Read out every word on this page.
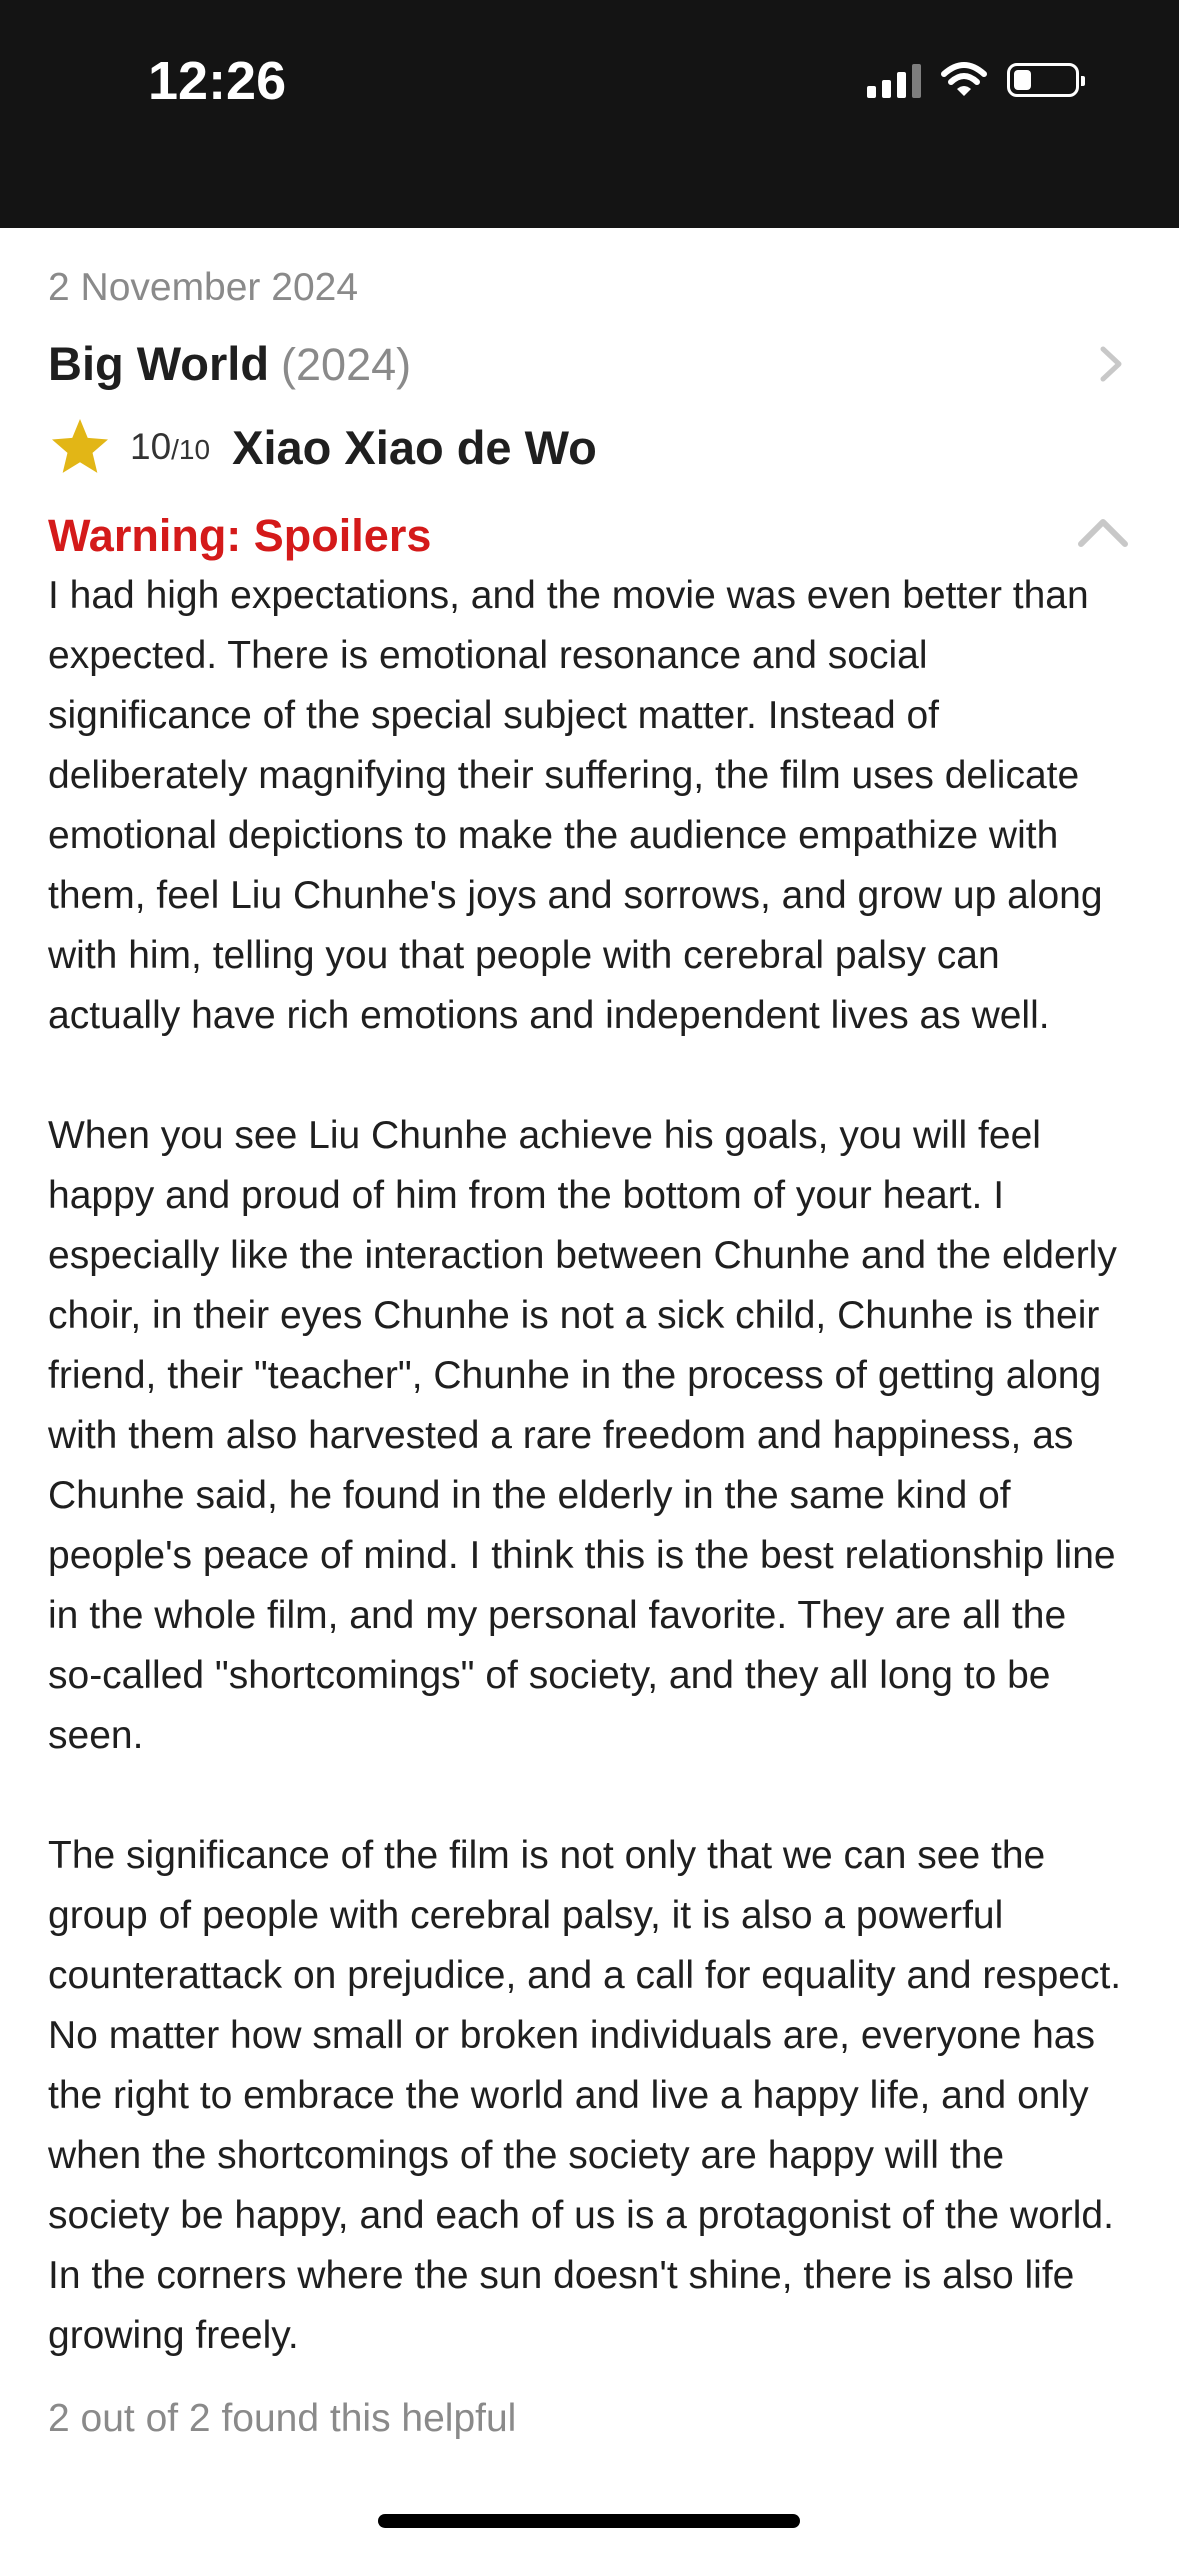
12:26
2 November 2024
Big World (2024)
10/10 Xiao Xiao de Wo
Warning: Spoilers

I had high expectations, and the movie was even better than expected. There is emotional resonance and social significance of the special subject matter. Instead of deliberately magnifying their suffering, the film uses delicate emotional depictions to make the audience empathize with them, feel Liu Chunhe's joys and sorrows, and grow up along with him, telling you that people with cerebral palsy can actually have rich emotions and independent lives as well.

When you see Liu Chunhe achieve his goals, you will feel happy and proud of him from the bottom of your heart. I especially like the interaction between Chunhe and the elderly choir, in their eyes Chunhe is not a sick child, Chunhe is their friend, their "teacher", Chunhe in the process of getting along with them also harvested a rare freedom and happiness, as Chunhe said, he found in the elderly in the same kind of people's peace of mind. I think this is the best relationship line in the whole film, and my personal favorite. They are all the so-called "shortcomings" of society, and they all long to be seen.

The significance of the film is not only that we can see the group of people with cerebral palsy, it is also a powerful counterattack on prejudice, and a call for equality and respect. No matter how small or broken individuals are, everyone has the right to embrace the world and live a happy life, and only when the shortcomings of the society are happy will the society be happy, and each of us is a protagonist of the world. In the corners where the sun doesn't shine, there is also life growing freely.

2 out of 2 found this helpful
